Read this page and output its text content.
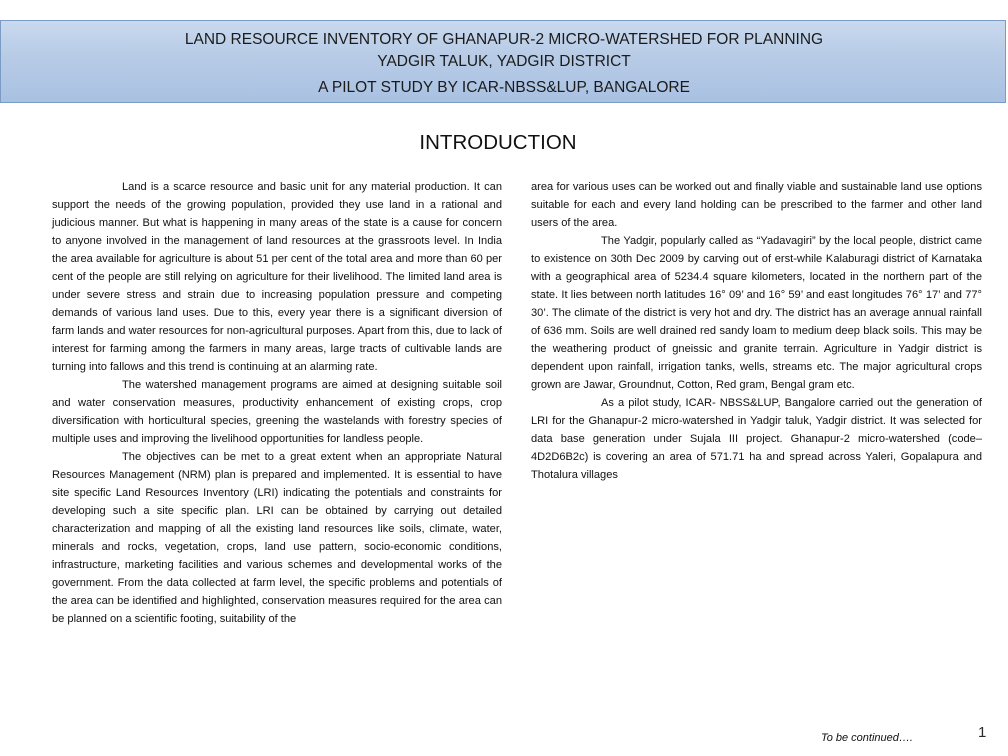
LAND RESOURCE INVENTORY OF GHANAPUR-2 MICRO-WATERSHED FOR PLANNING
YADGIR TALUK, YADGIR DISTRICT
A PILOT STUDY BY ICAR-NBSS&LUP, BANGALORE
INTRODUCTION

Land is a scarce resource and basic unit for any material production. It can support the needs of the growing population, provided they use land in a rational and judicious manner. But what is happening in many areas of the state is a cause for concern to anyone involved in the management of land resources at the grassroots level. In India the area available for agriculture is about 51 per cent of the total area and more than 60 per cent of the people are still relying on agriculture for their livelihood. The limited land area is under severe stress and strain due to increasing population pressure and competing demands of various land uses. Due to this, every year there is a significant diversion of farm lands and water resources for non-agricultural purposes. Apart from this, due to lack of interest for farming among the farmers in many areas, large tracts of cultivable lands are turning into fallows and this trend is continuing at an alarming rate.

The watershed management programs are aimed at designing suitable soil and water conservation measures, productivity enhancement of existing crops, crop diversification with horticultural species, greening the wastelands with forestry species of multiple uses and improving the livelihood opportunities for landless people.

The objectives can be met to a great extent when an appropriate Natural Resources Management (NRM) plan is prepared and implemented. It is essential to have site specific Land Resources Inventory (LRI) indicating the potentials and constraints for developing such a site specific plan. LRI can be obtained by carrying out detailed characterization and mapping of all the existing land resources like soils, climate, water, minerals and rocks, vegetation, crops, land use pattern, socio-economic conditions, infrastructure, marketing facilities and various schemes and developmental works of the government. From the data collected at farm level, the specific problems and potentials of the area can be identified and highlighted, conservation measures required for the area can be planned on a scientific footing, suitability of the

area for various uses can be worked out and finally viable and sustainable land use options suitable for each and every land holding can be prescribed to the farmer and other land users of the area.

The Yadgir, popularly called as “Yadavagiri” by the local people, district came to existence on 30th Dec 2009 by carving out of erst-while Kalaburagi district of Karnataka with a geographical area of 5234.4 square kilometers, located in the northern part of the state. It lies between north latitudes 16° 09’ and 16° 59’ and east longitudes 76° 17’ and 77° 30’. The climate of the district is very hot and dry. The district has an average annual rainfall of 636 mm. Soils are well drained red sandy loam to medium deep black soils. This may be the weathering product of gneissic and granite terrain. Agriculture in Yadgir district is dependent upon rainfall, irrigation tanks, wells, streams etc. The major agricultural crops grown are Jawar, Groundnut, Cotton, Red gram, Bengal gram etc.

As a pilot study, ICAR- NBSS&LUP, Bangalore carried out the generation of LRI for the Ghanapur-2 micro-watershed in Yadgir taluk, Yadgir district. It was selected for data base generation under Sujala III project. Ghanapur-2 micro-watershed (code–4D2D6B2c) is covering an area of 571.71 ha and spread across Yaleri, Gopalapura and Thotalura villages

To be continued….	1
